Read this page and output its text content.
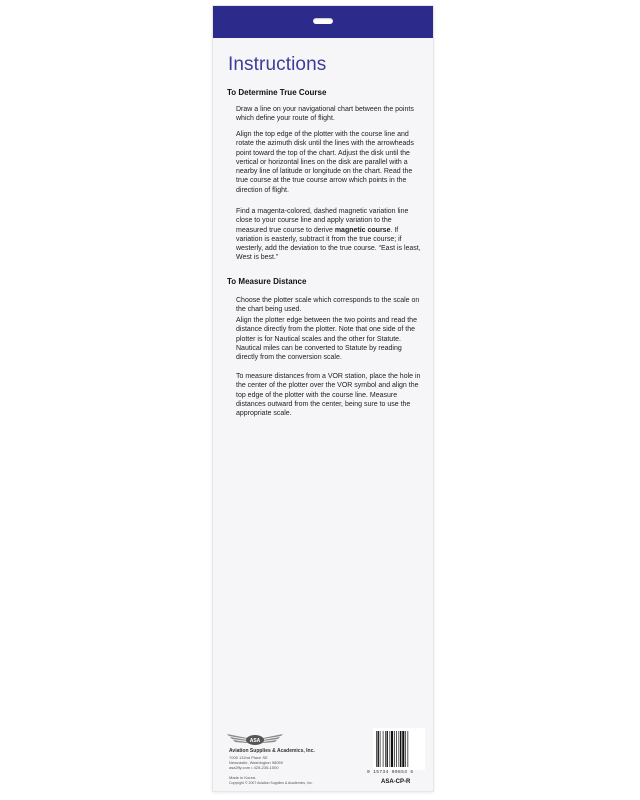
Instructions
To Determine True Course

Draw a line on your navigational chart between the points which define your route of flight.

Align the top edge of the plotter with the course line and rotate the azimuth disk until the lines with the arrowheads point toward the top of the chart. Adjust the disk until the vertical or horizontal lines on the disk are parallel with a nearby line of latitude or longitude on the chart. Read the true course at the true course arrow which points in the direction of flight.

Find a magenta-colored, dashed magnetic variation line close to your course line and apply variation to the measured true course to derive magnetic course. If variation is easterly, subtract it from the true course; if westerly, add the deviation to the true course. “East is least, West is best.”

To Measure Distance

Choose the plotter scale which corresponds to the scale on the chart being used.

Align the plotter edge between the two points and read the distance directly from the plotter. Note that one side of the plotter is for Nautical scales and the other for Statute. Nautical miles can be converted to Statute by reading directly from the conversion scale.

To measure distances from a VOR station, place the hole in the center of the plotter over the VOR symbol and align the top edge of the plotter with the course line. Measure distances outward from the center, being sure to use the appropriate scale.

ASA
Aviation Supplies & Academics, Inc.
7005 132nd Place SE
Newcastle, Washington 98059
asa2fly.com • 425-235-1500
Made in Korea.
Copyright © 2007 Aviation Supplies & Academics, Inc.
0 15734 00853 6
ASA-CP-R
